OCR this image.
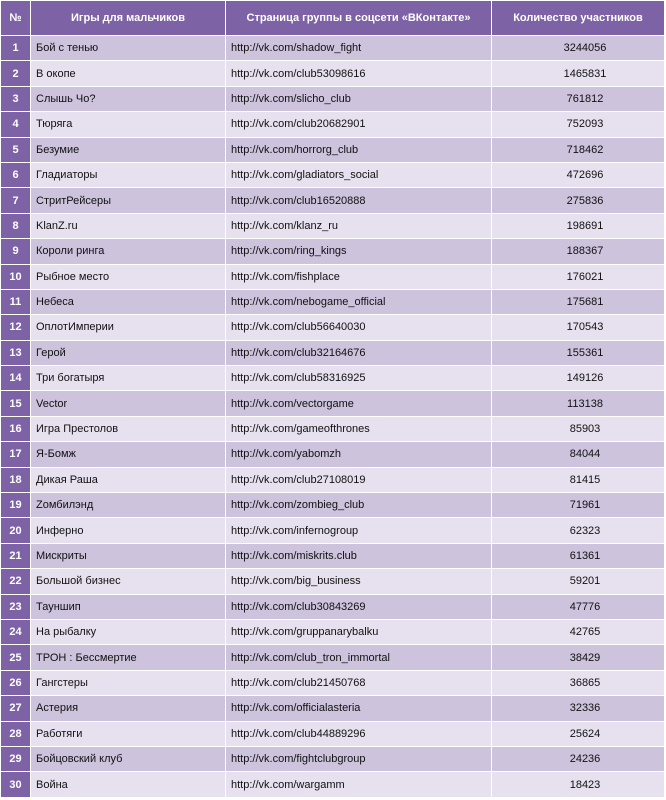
№	Игры для мальчиков	Страница группы в соцсети «ВКонтакте»	Количество участников
1	Бой с тенью	http://vk.com/shadow_fight	3244056
2	В окопе	http://vk.com/club53098616	1465831
3	Слышь Чо?	http://vk.com/slicho_club	761812
4	Тюряга	http://vk.com/club20682901	752093
5	Безумие	http://vk.com/horrorg_club	718462
6	Гладиаторы	http://vk.com/gladiators_social	472696
7	СтритРейсеры	http://vk.com/club16520888	275836
8	KlanZ.ru	http://vk.com/klanz_ru	198691
9	Короли ринга	http://vk.com/ring_kings	188367
10	Рыбное место	http://vk.com/fishplace	176021
11	Небеса	http://vk.com/nebogame_official	175681
12	ОплотИмперии	http://vk.com/club56640030	170543
13	Герой	http://vk.com/club32164676	155361
14	Три богатыря	http://vk.com/club58316925	149126
15	Vector	http://vk.com/vectorgame	113138
16	Игра Престолов	http://vk.com/gameofthrones	85903
17	Я-Бомж	http://vk.com/yabomzh	84044
18	Дикая Раша	http://vk.com/club27108019	81415
19	Zомбилэнд	http://vk.com/zombieg_club	71961
20	Инферно	http://vk.com/infernogroup	62323
21	Мискриты	http://vk.com/miskrits.club	61361
22	Большой бизнес	http://vk.com/big_business	59201
23	Тауншип	http://vk.com/club30843269	47776
24	На рыбалку	http://vk.com/gruppanarybalku	42765
25	ТРОН : Бессмертие	http://vk.com/club_tron_immortal	38429
26	Гангстеры	http://vk.com/club21450768	36865
27	Астерия	http://vk.com/officialasteria	32336
28	Работяги	http://vk.com/club44889296	25624
29	Бойцовский клуб	http://vk.com/fightclubgroup	24236
30	Война	http://vk.com/wargamm	18423
